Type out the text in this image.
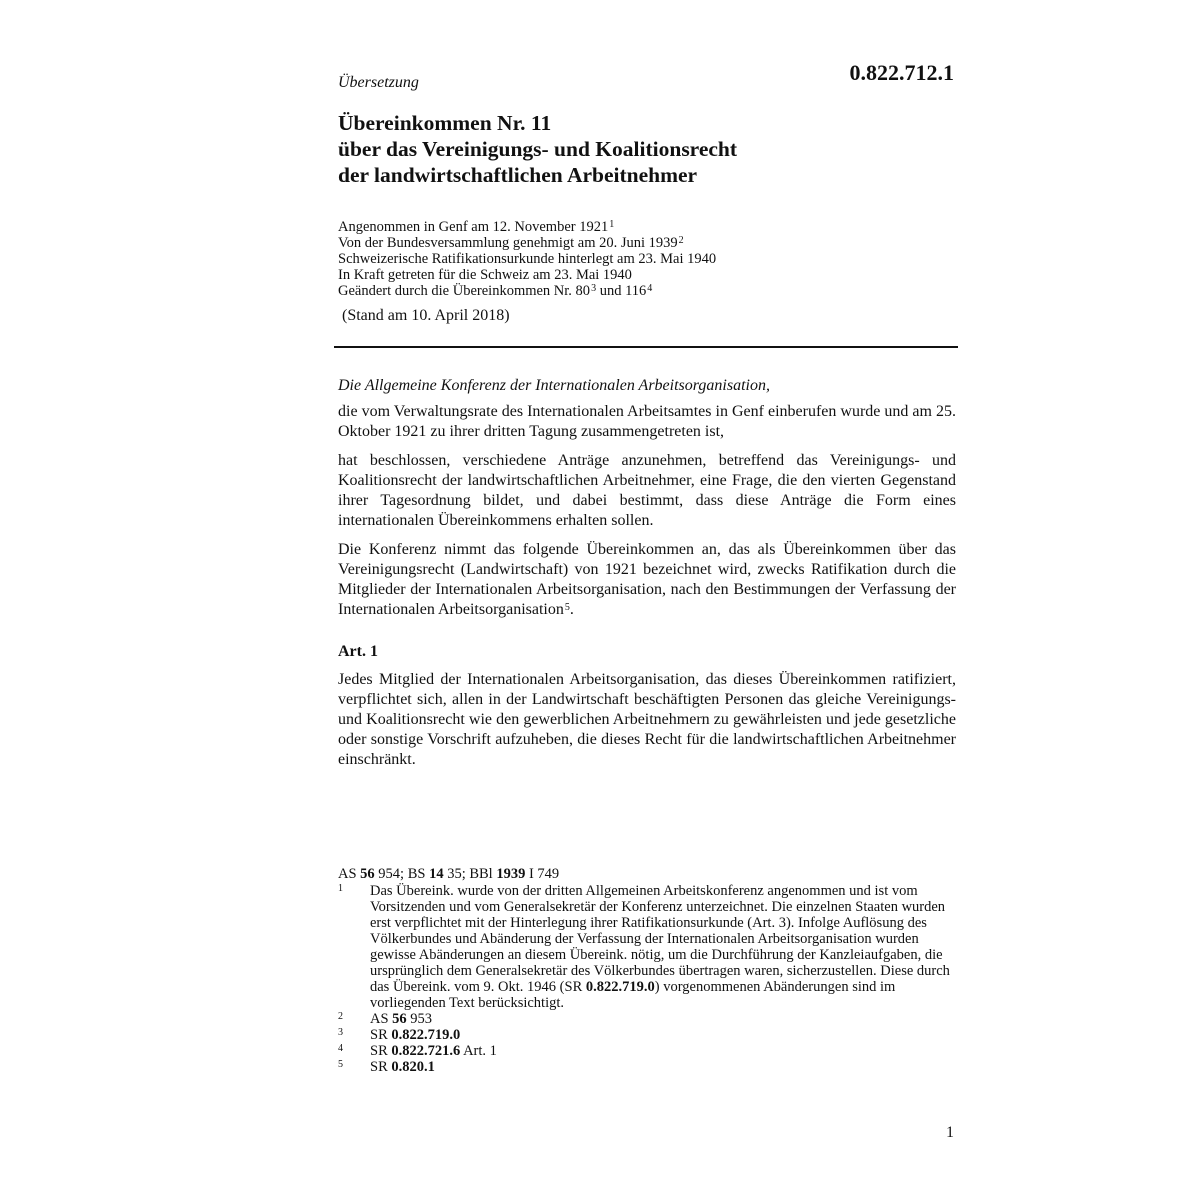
0.822.712.1
Übersetzung
Übereinkommen Nr. 11
über das Vereinigungs- und Koalitionsrecht
der landwirtschaftlichen Arbeitnehmer
Angenommen in Genf am 12. November 1921$^1$
Von der Bundesversammlung genehmigt am 20. Juni 1939$^2$
Schweizerische Ratifikationsurkunde hinterlegt am 23. Mai 1940
In Kraft getreten für die Schweiz am 23. Mai 1940
Geändert durch die Übereinkommen Nr. $80^3$ und $116^4$
(Stand am 10. April 2018)

Die Allgemeine Konferenz der Internationalen Arbeitsorganisation,

die vom Verwaltungsrate des Internationalen Arbeitsamtes in Genf einberufen wurde und am 25. Oktober 1921 zu ihrer dritten Tagung zusammengetreten ist,

hat beschlossen, verschiedene Anträge anzunehmen, betreffend das Vereinigungs- und Koalitionsrecht der landwirtschaftlichen Arbeitnehmer, eine Frage, die den vierten Gegenstand ihrer Tagesordnung bildet, und dabei bestimmt, dass diese Anträge die Form eines internationalen Übereinkommens erhalten sollen.

Die Konferenz nimmt das folgende Übereinkommen an, das als Übereinkommen über das Vereinigungsrecht (Landwirtschaft) von 1921 bezeichnet wird, zwecks Ratifikation durch die Mitglieder der Internationalen Arbeitsorganisation, nach den Bestimmungen der Verfassung der Internationalen Arbeitsorganisation$^5$.

Art. 1

Jedes Mitglied der Internationalen Arbeitsorganisation, das dieses Übereinkommen ratifiziert, verpflichtet sich, allen in der Landwirtschaft beschäftigten Personen das gleiche Vereinigungs- und Koalitionsrecht wie den gewerblichen Arbeitnehmern zu gewährleisten und jede gesetzliche oder sonstige Vorschrift aufzuheben, die dieses Recht für die landwirtschaftlichen Arbeitnehmer einschränkt.

AS 56 954; BS 14 35; BBl 1939 I 749
1	Das Übereink. wurde von der dritten Allgemeinen Arbeitskonferenz angenommen und ist vom Vorsitzenden und vom Generalsekretär der Konferenz unterzeichnet. Die einzelnen Staaten wurden erst verpflichtet mit der Hinterlegung ihrer Ratifikationsurkunde (Art. 3). Infolge Auflösung des Völkerbundes und Abänderung der Verfassung der Internationalen Arbeitsorganisation wurden gewisse Abänderungen an diesem Übereink. nötig, um die Durchführung der Kanzleiaufgaben, die ursprünglich dem Generalsekretär des Völkerbundes übertragen waren, sicherzustellen. Diese durch das Übereink. vom 9. Okt. 1946 (SR 0.822.719.0) vorgenommenen Abänderungen sind im vorliegenden Text berücksichtigt.
2	AS 56 953
3	SR 0.822.719.0
4	SR 0.822.721.6 Art. 1
5	SR 0.820.1
1
